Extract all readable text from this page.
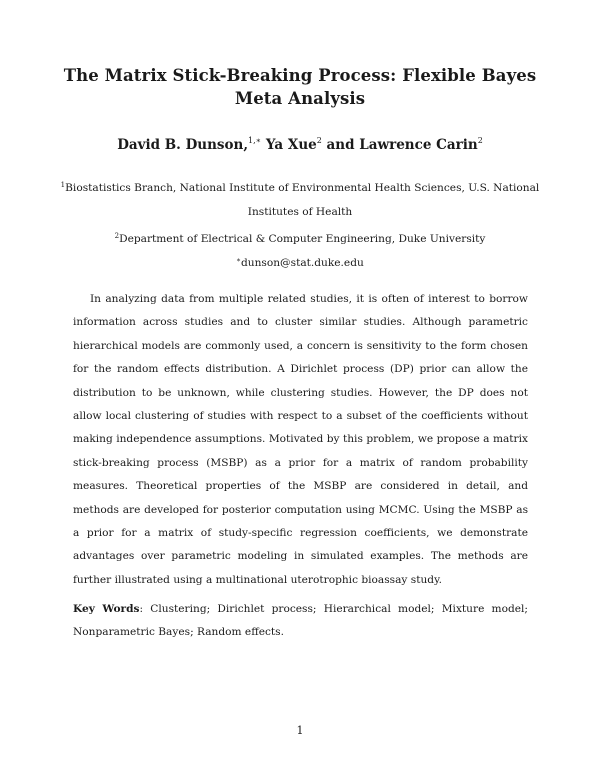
The Matrix Stick-Breaking Process: Flexible Bayes
Meta Analysis
David B. Dunson,$^{1,∗}$ Ya Xue$^2$ and Lawrence Carin$^2$
$^1$Biostatistics Branch, National Institute of Environmental Health Sciences, U.S. National
Institutes of Health
$^2$Department of Electrical & Computer Engineering, Duke University
∗dunson@stat.duke.edu

In analyzing data from multiple related studies, it is often of interest to borrow information across studies and to cluster similar studies. Although parametric hierarchical models are commonly used, a concern is sensitivity to the form chosen for the random effects distribution. A Dirichlet process (DP) prior can allow the distribution to be unknown, while clustering studies. However, the DP does not allow local clustering of studies with respect to a subset of the coefficients without making independence assumptions. Motivated by this problem, we propose a matrix stick-breaking process (MSBP) as a prior for a matrix of random probability measures. Theoretical properties of the MSBP are considered in detail, and methods are developed for posterior computation using MCMC. Using the MSBP as a prior for a matrix of study-specific regression coefficients, we demonstrate advantages over parametric modeling in simulated examples. The methods are further illustrated using a multinational uterotrophic bioassay study.

Key Words: Clustering; Dirichlet process; Hierarchical model; Mixture model; Nonparametric Bayes; Random effects.

1
